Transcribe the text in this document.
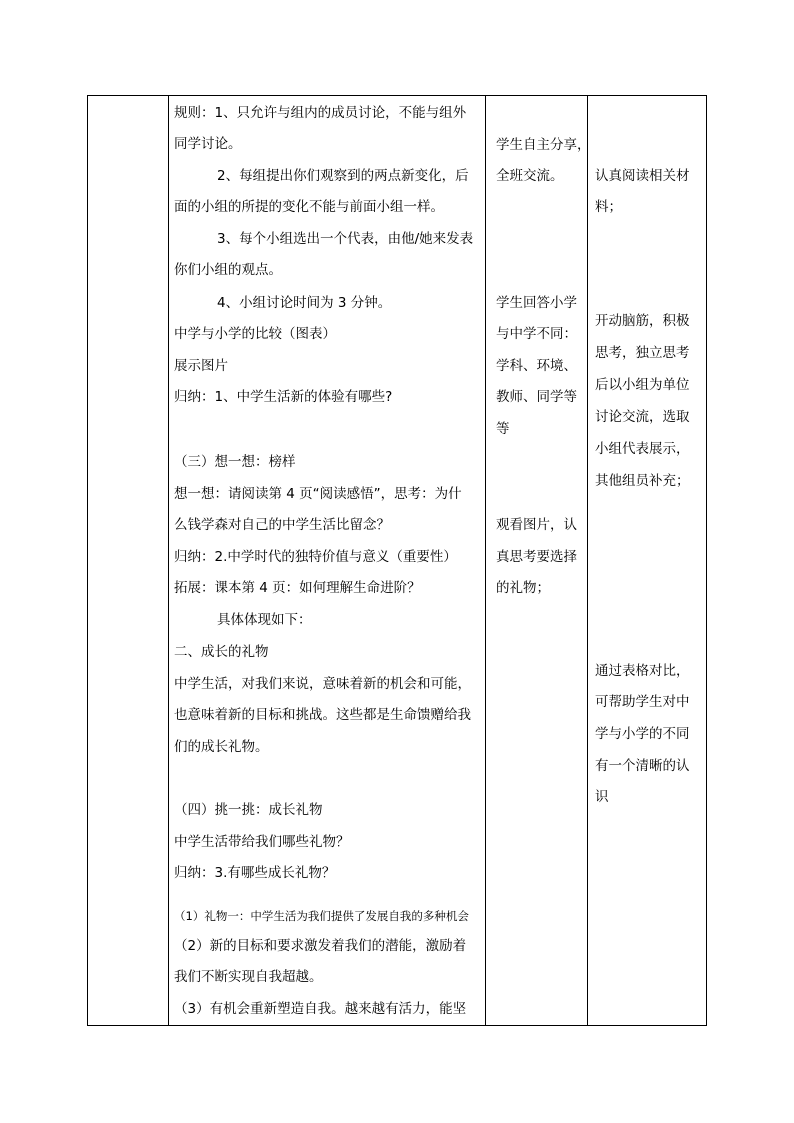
规则：1、只允许与组内的成员讨论，不能与组外
同学讨论。
2、每组提出你们观察到的两点新变化，后
面的小组的所提的变化不能与前面小组一样。
3、每个小组选出一个代表，由他/她来发表
你们小组的观点。
4、小组讨论时间为 3 分钟。
中学与小学的比较（图表）
展示图片
归纳：1、中学生活新的体验有哪些?
（三）想一想：榜样
想一想：请阅读第 4 页“阅读感悟”，思考：为什
么钱学森对自己的中学生活比留念？
归纳：2.中学时代的独特价值与意义（重要性）
拓展：课本第 4 页：如何理解生命进阶？
具体体现如下：
二、成长的礼物
中学生活，对我们来说，意味着新的机会和可能，
也意味着新的目标和挑战。这些都是生命馈赠给我
们的成长礼物。
（四）挑一挑：成长礼物
中学生活带给我们哪些礼物？
归纳：3.有哪些成长礼物？
（1）礼物一：中学生活为我们提供了发展自我的多种机会
（2）新的目标和要求激发着我们的潜能，激励着
我们不断实现自我超越。
（3）有机会重新塑造自我。越来越有活力，能坚
学生自主分享，
全班交流。
学生回答小学
与中学不同：
学科、环境、
教师、同学等
等
观看图片，认
真思考要选择
的礼物；
认真阅读相关材
料；
开动脑筋，积极
思考，独立思考
后以小组为单位
讨论交流，选取
小组代表展示，
其他组员补充；
通过表格对比，
可帮助学生对中
学与小学的不同
有一个清晰的认
识
